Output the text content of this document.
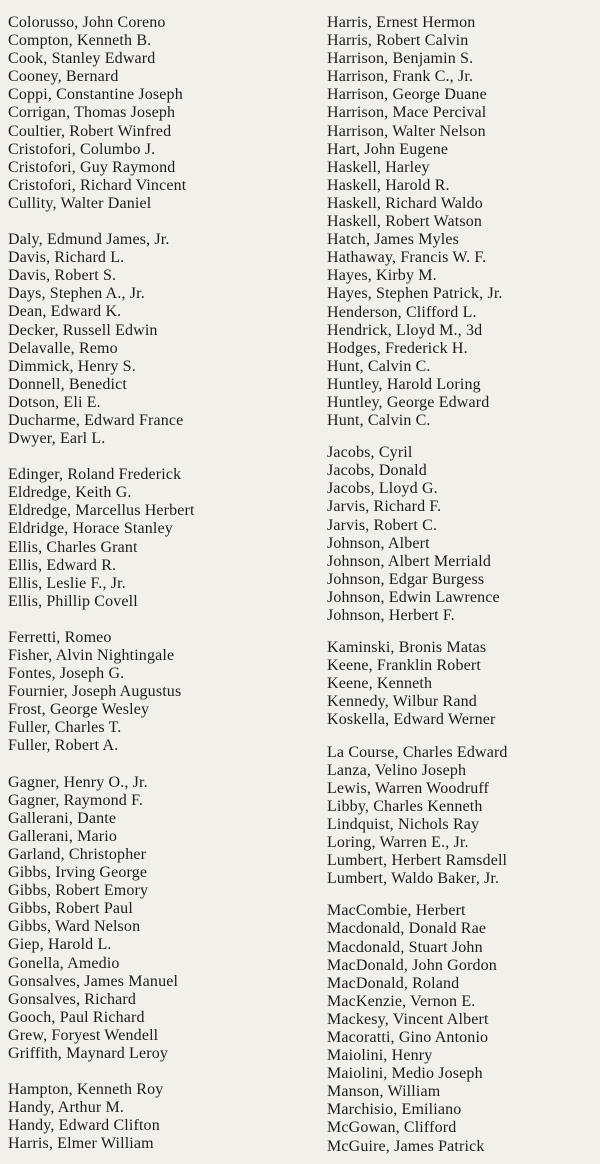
Colorusso, John Coreno
Compton, Kenneth B.
Cook, Stanley Edward
Cooney, Bernard
Coppi, Constantine Joseph
Corrigan, Thomas Joseph
Coultier, Robert Winfred
Cristofori, Columbo J.
Cristofori, Guy Raymond
Cristofori, Richard Vincent
Cullity, Walter Daniel
Daly, Edmund James, Jr.
Davis, Richard L.
Davis, Robert S.
Days, Stephen A., Jr.
Dean, Edward K.
Decker, Russell Edwin
Delavalle, Remo
Dimmick, Henry S.
Donnell, Benedict
Dotson, Eli E.
Ducharme, Edward France
Dwyer, Earl L.
Edinger, Roland Frederick
Eldredge, Keith G.
Eldredge, Marcellus Herbert
Eldridge, Horace Stanley
Ellis, Charles Grant
Ellis, Edward R.
Ellis, Leslie F., Jr.
Ellis, Phillip Covell
Ferretti, Romeo
Fisher, Alvin Nightingale
Fontes, Joseph G.
Fournier, Joseph Augustus
Frost, George Wesley
Fuller, Charles T.
Fuller, Robert A.
Gagner, Henry O., Jr.
Gagner, Raymond F.
Gallerani, Dante
Gallerani, Mario
Garland, Christopher
Gibbs, Irving George
Gibbs, Robert Emory
Gibbs, Robert Paul
Gibbs, Ward Nelson
Giep, Harold L.
Gonella, Amedio
Gonsalves, James Manuel
Gonsalves, Richard
Gooch, Paul Richard
Grew, Foryest Wendell
Griffith, Maynard Leroy
Hampton, Kenneth Roy
Handy, Arthur M.
Handy, Edward Clifton
Harris, Elmer William
Harris, Ernest Hermon
Harris, Robert Calvin
Harrison, Benjamin S.
Harrison, Frank C., Jr.
Harrison, George Duane
Harrison, Mace Percival
Harrison, Walter Nelson
Hart, John Eugene
Haskell, Harley
Haskell, Harold R.
Haskell, Richard Waldo
Haskell, Robert Watson
Hatch, James Myles
Hathaway, Francis W. F.
Hayes, Kirby M.
Hayes, Stephen Patrick, Jr.
Henderson, Clifford L.
Hendrick, Lloyd M., 3d
Hodges, Frederick H.
Hunt, Calvin C.
Huntley, Harold Loring
Huntley, George Edward
Hunt, Calvin C.
Jacobs, Cyril
Jacobs, Donald
Jacobs, Lloyd G.
Jarvis, Richard F.
Jarvis, Robert C.
Johnson, Albert
Johnson, Albert Merriald
Johnson, Edgar Burgess
Johnson, Edwin Lawrence
Johnson, Herbert F.
Kaminski, Bronis Matas
Keene, Franklin Robert
Keene, Kenneth
Kennedy, Wilbur Rand
Koskella, Edward Werner
La Course, Charles Edward
Lanza, Velino Joseph
Lewis, Warren Woodruff
Libby, Charles Kenneth
Lindquist, Nichols Ray
Loring, Warren E., Jr.
Lumbert, Herbert Ramsdell
Lumbert, Waldo Baker, Jr.
MacCombie, Herbert
Macdonald, Donald Rae
Macdonald, Stuart John
MacDonald, John Gordon
MacDonald, Roland
MacKenzie, Vernon E.
Mackesy, Vincent Albert
Macoratti, Gino Antonio
Maiolini, Henry
Maiolini, Medio Joseph
Manson, William
Marchisio, Emiliano
McGowan, Clifford
McGuire, James Patrick
